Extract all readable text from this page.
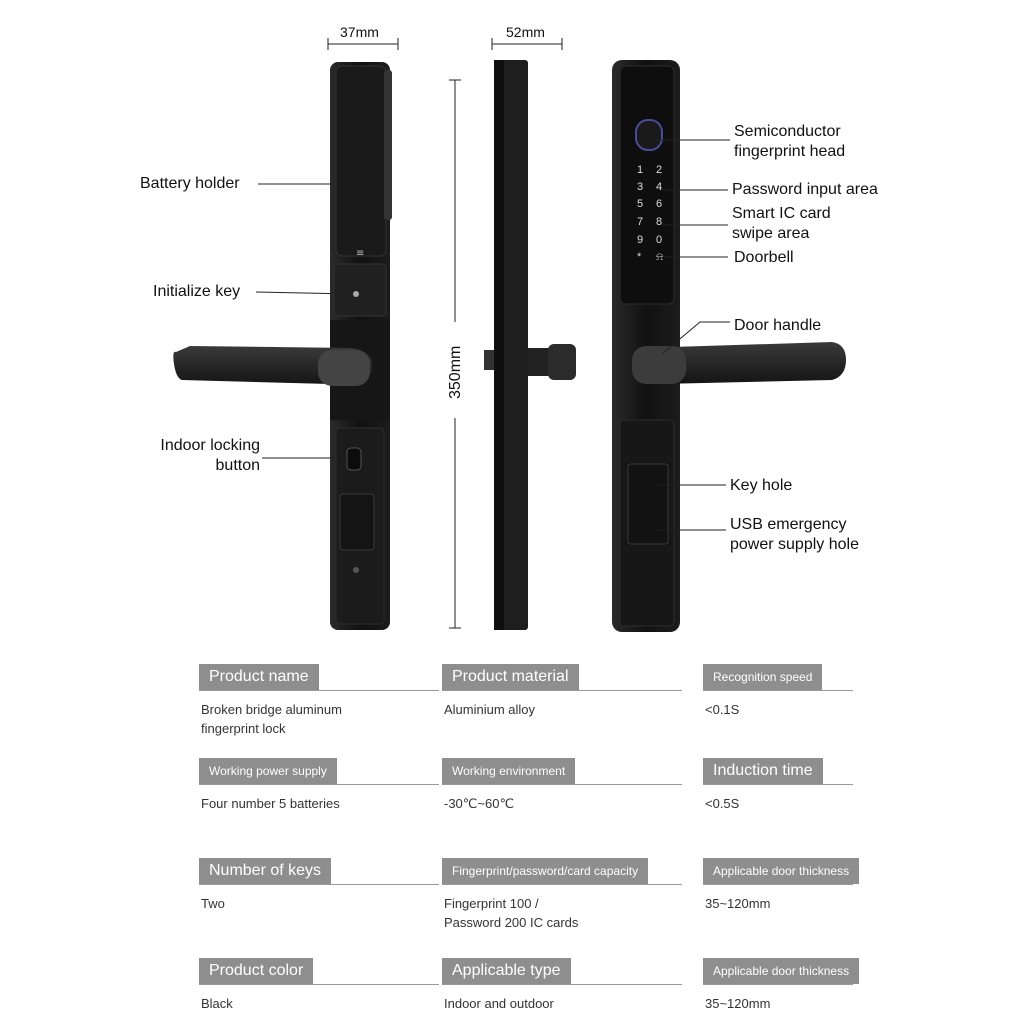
≡
1 2
3 4
5 6
7 8
9 0
* ⍾
37mm	52mm
350mm
Battery holder
Initialize key
Indoor locking
button
Semiconductor
fingerprint head
Password input area
Smart IC card
swipe area
Doorbell
Door handle
Key hole
USB emergency
power supply hole
Product name
Broken bridge aluminum
fingerprint lock
Product material
Aluminium alloy
Recognition speed
<0.1S
Working power supply
Four number 5 batteries
Working environment
-30℃~60℃
Induction time
<0.5S
Number of keys
Two
Fingerprint/password/card capacity
Fingerprint 100 /
Password 200 IC cards
Applicable door thickness
35~120mm
Product color
Black
Applicable type
Indoor and outdoor
Applicable door thickness
35~120mm
